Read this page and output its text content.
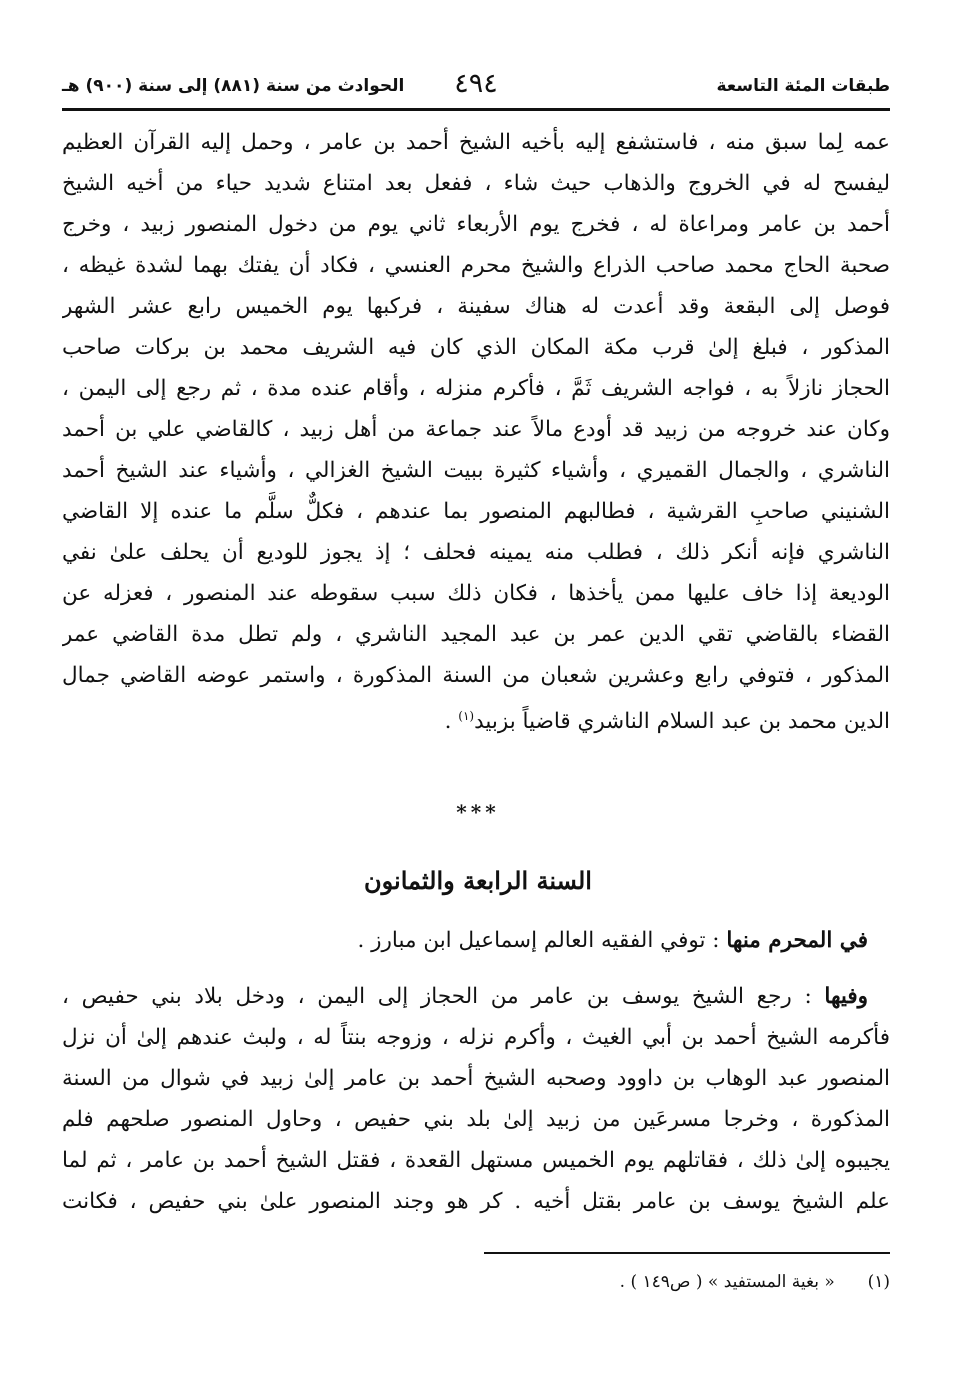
طبقات المئة التاسعة
٤٩٤
الحوادث من سنة (٨٨١) إلى سنة (٩٠٠) هـ
عمه لِما سبق منه ، فاستشفع إليه بأخيه الشيخ أحمد بن عامر ، وحمل إليه القرآن العظيم
ليفسح له في الخروج والذهاب حيث شاء ، ففعل بعد امتناع شديد حياء من أخيه الشيخ
أحمد بن عامر ومراعاة له ، فخرج يوم الأربعاء ثاني يوم من دخول المنصور زبيد ، وخرج
صحبة الحاج محمد صاحب الذراع والشيخ محرم العنسي ، فكاد أن يفتك بهما لشدة غيظه ،
فوصل إلى البقعة وقد أعدت له هناك سفينة ، فركبها يوم الخميس رابع عشر الشهر
المذكور ، فبلغ إلىٰ قرب مكة المكان الذي كان فيه الشريف محمد بن بركات صاحب
الحجاز نازلاً به ، فواجه الشريف ثَمَّ ، فأكرم منزله ، وأقام عنده مدة ، ثم رجع إلى اليمن ،
وكان عند خروجه من زبيد قد أودع مالاً عند جماعة من أهل زبيد ، كالقاضي علي بن أحمد
الناشري ، والجمال القميري ، وأشياء كثيرة ببيت الشيخ الغزالي ، وأشياء عند الشيخ أحمد
الشنيني صاحبِ القرشية ، فطالبهم المنصور بما عندهم ، فكلٌّ سلَّم ما عنده إلا القاضي
الناشري فإنه أنكر ذلك ، فطلب منه يمينه فحلف ؛ إذ يجوز للوديع أن يحلف علىٰ نفي
الوديعة إذا خاف عليها ممن يأخذها ، فكان ذلك سبب سقوطه عند المنصور ، فعزله عن
القضاء بالقاضي تقي الدين عمر بن عبد المجيد الناشري ، ولم تطل مدة القاضي عمر
المذكور ، فتوفي رابع وعشرين شعبان من السنة المذكورة ، واستمر عوضه القاضي جمال
الدين محمد بن عبد السلام الناشري قاضياً بزبيد$^{(١)}$ .
***
السنة الرابعة والثمانون
في المحرم منها : توفي الفقيه العالم إسماعيل ابن مبارز .
وفيها : رجع الشيخ يوسف بن عامر من الحجاز إلى اليمن ، ودخل بلاد بني حفيص ،
فأكرمه الشيخ أحمد بن أبي الغيث ، وأكرم نزله ، وزوجه بنتاً له ، ولبث عندهم إلىٰ أن نزل
المنصور عبد الوهاب بن داوود وصحبه الشيخ أحمد بن عامر إلىٰ زبيد في شوال من السنة
المذكورة ، وخرجا مسرعَين من زبيد إلىٰ بلد بني حفيص ، وحاول المنصور صلحهم فلم
يجيبوه إلىٰ ذلك ، فقاتلهم يوم الخميس مستهل القعدة ، فقتل الشيخ أحمد بن عامر ، ثم لما
علم الشيخ يوسف بن عامر بقتل أخيه . كر هو وجند المنصور علىٰ بني حفيص ، فكانت
(١)  « بغية المستفيد » ( ص١٤٩ ) .
